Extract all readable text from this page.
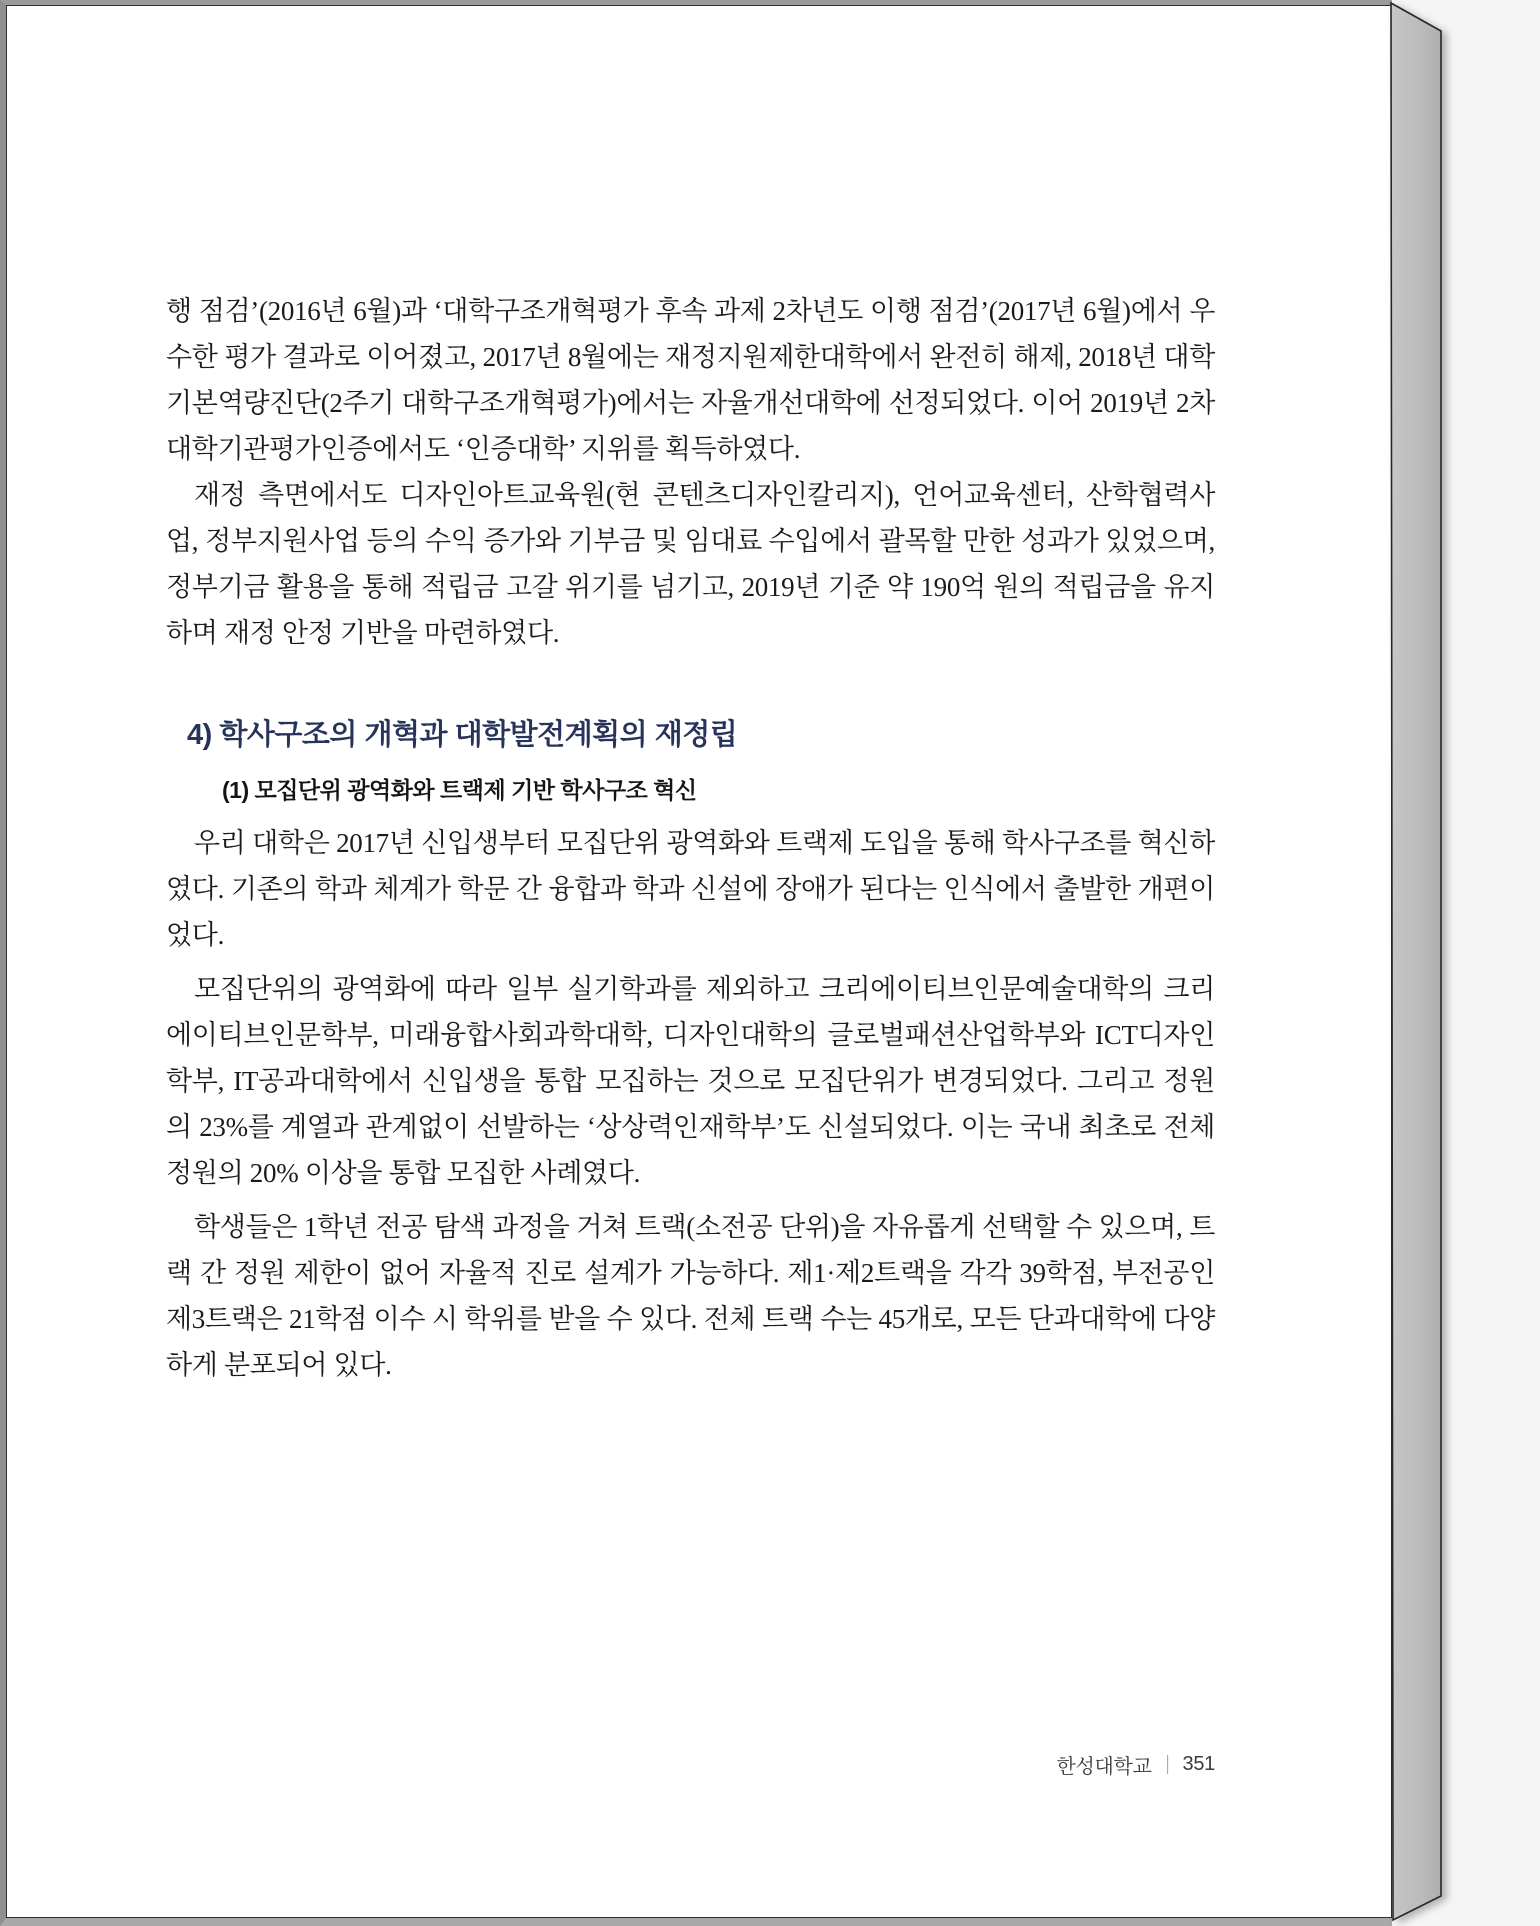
행 점검’(2016년 6월)과 ‘대학구조개혁평가 후속 과제 2차년도 이행 점검’(2017년 6월)에서 우수한 평가 결과로 이어졌고, 2017년 8월에는 재정지원제한대학에서 완전히 해제, 2018년 대학기본역량진단(2주기 대학구조개혁평가)에서는 자율개선대학에 선정되었다. 이어 2019년 2차 대학기관평가인증에서도 ‘인증대학’ 지위를 획득하였다.

재정 측면에서도 디자인아트교육원(현 콘텐츠디자인칼리지), 언어교육센터, 산학협력사업, 정부지원사업 등의 수익 증가와 기부금 및 임대료 수입에서 괄목할 만한 성과가 있었으며, 정부기금 활용을 통해 적립금 고갈 위기를 넘기고, 2019년 기준 약 190억 원의 적립금을 유지하며 재정 안정 기반을 마련하였다.

4) 학사구조의 개혁과 대학발전계획의 재정립
(1) 모집단위 광역화와 트랙제 기반 학사구조 혁신

우리 대학은 2017년 신입생부터 모집단위 광역화와 트랙제 도입을 통해 학사구조를 혁신하였다. 기존의 학과 체계가 학문 간 융합과 학과 신설에 장애가 된다는 인식에서 출발한 개편이었다.

모집단위의 광역화에 따라 일부 실기학과를 제외하고 크리에이티브인문예술대학의 크리에이티브인문학부, 미래융합사회과학대학, 디자인대학의 글로벌패션산업학부와 ICT디자인학부, IT공과대학에서 신입생을 통합 모집하는 것으로 모집단위가 변경되었다. 그리고 정원의 23%를 계열과 관계없이 선발하는 ‘상상력인재학부’도 신설되었다. 이는 국내 최초로 전체 정원의 20% 이상을 통합 모집한 사례였다.

학생들은 1학년 전공 탐색 과정을 거쳐 트랙(소전공 단위)을 자유롭게 선택할 수 있으며, 트랙 간 정원 제한이 없어 자율적 진로 설계가 가능하다. 제1·제2트랙을 각각 39학점, 부전공인 제3트랙은 21학점 이수 시 학위를 받을 수 있다. 전체 트랙 수는 45개로, 모든 단과대학에 다양하게 분포되어 있다.

한성대학교 | 351
